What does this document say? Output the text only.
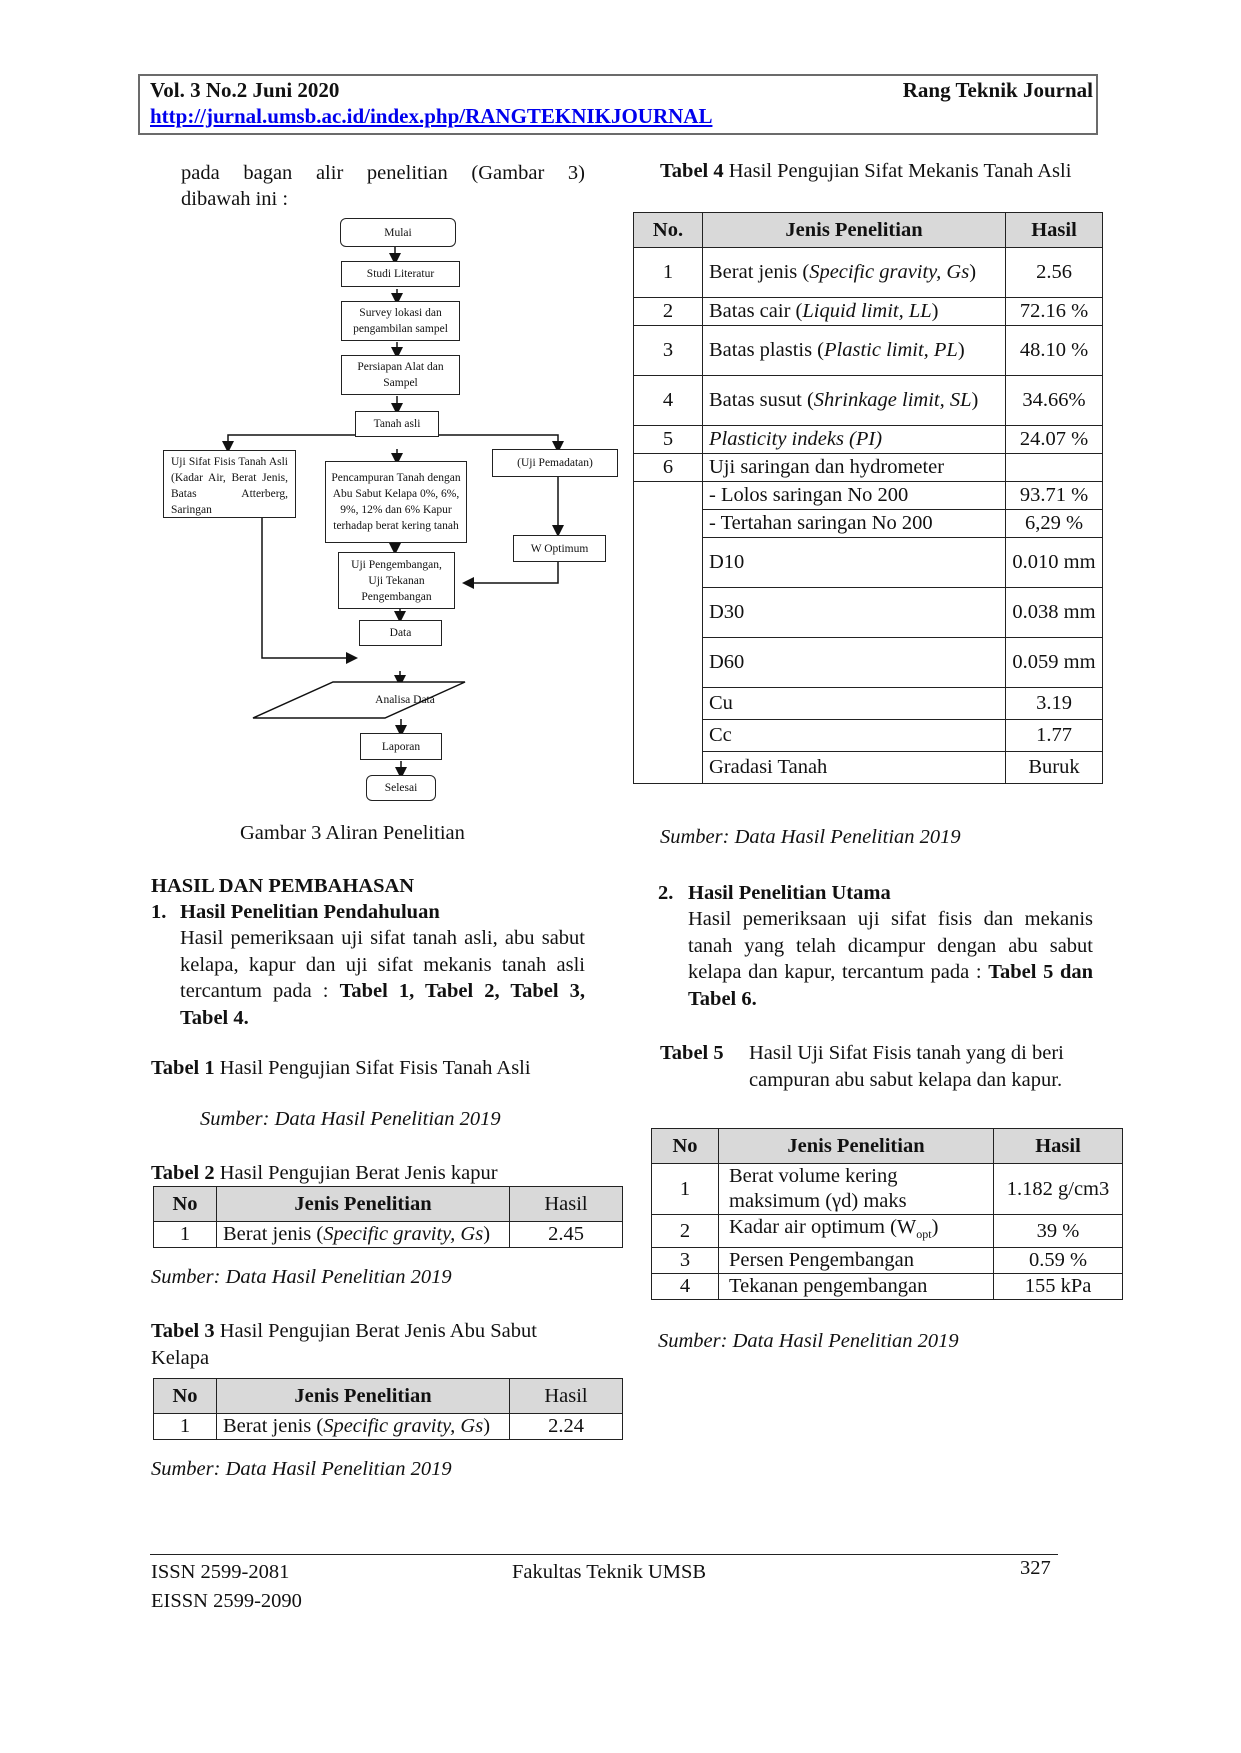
Vol. 3 No.2 Juni 2020	Rang Teknik Journal
http://jurnal.umsb.ac.id/index.php/RANGTEKNIKJOURNAL
pada bagan alir penelitian (Gambar 3)
dibawah ini :
Mulai
Studi Literatur
Survey lokasi dan pengambilan sampel
Persiapan Alat dan Sampel
Tanah asli
Uji Sifat Fisis Tanah Asli (Kadar Air, Berat Jenis, Batas Atterberg, Saringan
Pencampuran Tanah dengan Abu Sabut Kelapa 0%, 6%, 9%, 12% dan 6% Kapur terhadap berat kering tanah
(Uji Pemadatan)
W Optimum
Uji Pengembangan, Uji Tekanan Pengembangan
Data
Analisa Data
Laporan
Selesai
Gambar 3 Aliran Penelitian
HASIL DAN PEMBAHASAN
1. Hasil Penelitian Pendahuluan
Hasil pemeriksaan uji sifat tanah asli, abu sabut kelapa, kapur dan uji sifat mekanis tanah asli tercantum pada : Tabel 1, Tabel 2, Tabel 3, Tabel 4.
Tabel 1 Hasil Pengujian Sifat Fisis Tanah Asli
Sumber: Data Hasil Penelitian 2019
Tabel 2 Hasil Pengujian Berat Jenis kapur
No	Jenis Penelitian	Hasil
1	Berat jenis (Specific gravity, Gs)	2.45
Sumber: Data Hasil Penelitian 2019
Tabel 3 Hasil Pengujian Berat Jenis Abu Sabut Kelapa
No	Jenis Penelitian	Hasil
1	Berat jenis (Specific gravity, Gs)	2.24
Sumber: Data Hasil Penelitian 2019
Tabel 4 Hasil Pengujian Sifat Mekanis Tanah Asli
No.	Jenis Penelitian	Hasil
1	Berat jenis (Specific gravity, Gs)	2.56
2	Batas cair (Liquid limit, LL)	72.16 %
3	Batas plastis (Plastic limit, PL)	48.10 %
4	Batas susut (Shrinkage limit, SL)	34.66%
5	Plasticity indeks (PI)	24.07 %
6	Uji saringan dan hydrometer	
	- Lolos saringan No 200	93.71 %
	- Tertahan saringan No 200	6,29 %
	D10	0.010 mm
	D30	0.038 mm
	D60	0.059 mm
	Cu	3.19
	Cc	1.77
	Gradasi Tanah	Buruk
Sumber: Data Hasil Penelitian 2019
2. Hasil Penelitian Utama
Hasil pemeriksaan uji sifat fisis dan mekanis tanah yang telah dicampur dengan abu sabut kelapa dan kapur, tercantum pada : Tabel 5 dan Tabel 6.
Tabel 5 Hasil Uji Sifat Fisis tanah yang di beri campuran abu sabut kelapa dan kapur.
No	Jenis Penelitian	Hasil
1	Berat volume kering maksimum (γd) maks	1.182 g/cm3
2	Kadar air optimum $(W_{opt})$	39 %
3	Persen Pengembangan	0.59 %
4	Tekanan pengembangan	155 kPa
Sumber: Data Hasil Penelitian 2019
ISSN 2599-2081
EISSN 2599-2090
Fakultas Teknik UMSB	327
